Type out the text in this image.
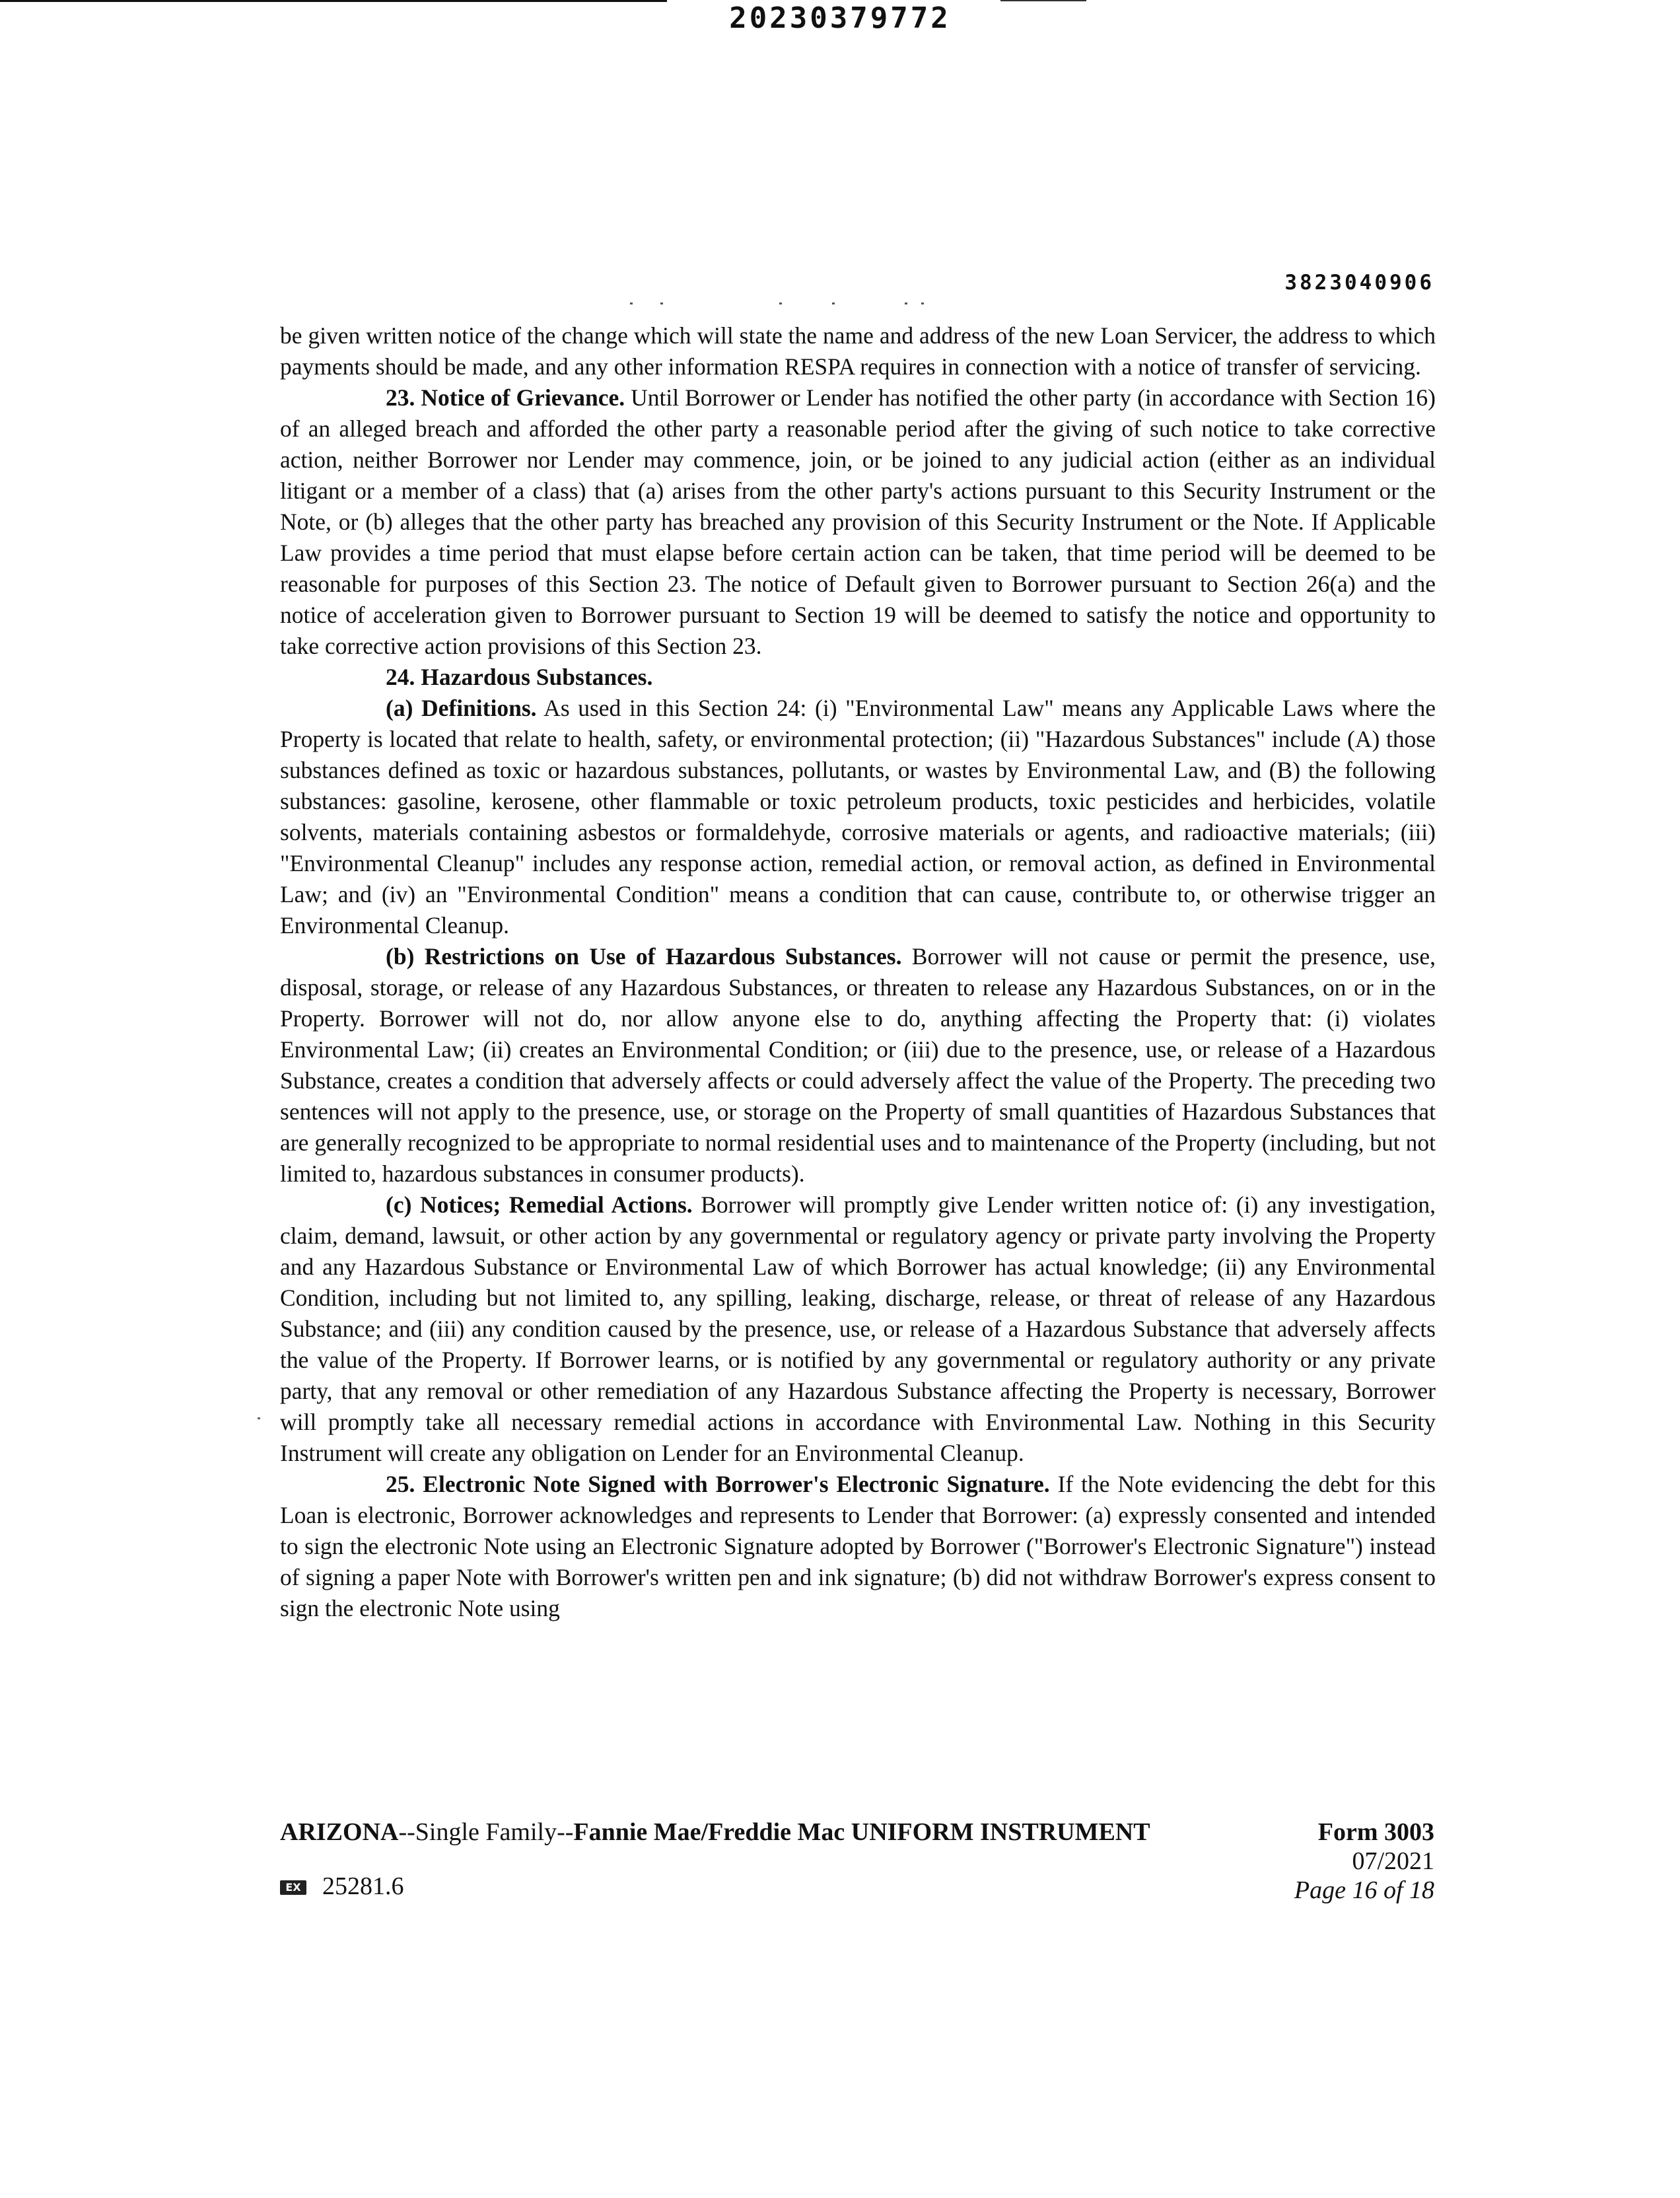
20230379772
3823040906

be given written notice of the change which will state the name and address of the new Loan Servicer, the address to which payments should be made, and any other information RESPA requires in connection with a notice of transfer of servicing.

23. Notice of Grievance. Until Borrower or Lender has notified the other party (in accordance with Section 16) of an alleged breach and afforded the other party a reasonable period after the giving of such notice to take corrective action, neither Borrower nor Lender may commence, join, or be joined to any judicial action (either as an individual litigant or a member of a class) that (a) arises from the other party's actions pursuant to this Security Instrument or the Note, or (b) alleges that the other party has breached any provision of this Security Instrument or the Note. If Applicable Law provides a time period that must elapse before certain action can be taken, that time period will be deemed to be reasonable for purposes of this Section 23. The notice of Default given to Borrower pursuant to Section 26(a) and the notice of acceleration given to Borrower pursuant to Section 19 will be deemed to satisfy the notice and opportunity to take corrective action provisions of this Section 23.

24. Hazardous Substances.

(a) Definitions. As used in this Section 24: (i) "Environmental Law" means any Applicable Laws where the Property is located that relate to health, safety, or environmental protection; (ii) "Hazardous Substances" include (A) those substances defined as toxic or hazardous substances, pollutants, or wastes by Environmental Law, and (B) the following substances: gasoline, kerosene, other flammable or toxic petroleum products, toxic pesticides and herbicides, volatile solvents, materials containing asbestos or formaldehyde, corrosive materials or agents, and radioactive materials; (iii) "Environmental Cleanup" includes any response action, remedial action, or removal action, as defined in Environmental Law; and (iv) an "Environmental Condition" means a condition that can cause, contribute to, or otherwise trigger an Environmental Cleanup.

(b) Restrictions on Use of Hazardous Substances. Borrower will not cause or permit the presence, use, disposal, storage, or release of any Hazardous Substances, or threaten to release any Hazardous Substances, on or in the Property. Borrower will not do, nor allow anyone else to do, anything affecting the Property that: (i) violates Environmental Law; (ii) creates an Environmental Condition; or (iii) due to the presence, use, or release of a Hazardous Substance, creates a condition that adversely affects or could adversely affect the value of the Property. The preceding two sentences will not apply to the presence, use, or storage on the Property of small quantities of Hazardous Substances that are generally recognized to be appropriate to normal residential uses and to maintenance of the Property (including, but not limited to, hazardous substances in consumer products).

(c) Notices; Remedial Actions. Borrower will promptly give Lender written notice of: (i) any investigation, claim, demand, lawsuit, or other action by any governmental or regulatory agency or private party involving the Property and any Hazardous Substance or Environmental Law of which Borrower has actual knowledge; (ii) any Environmental Condition, including but not limited to, any spilling, leaking, discharge, release, or threat of release of any Hazardous Substance; and (iii) any condition caused by the presence, use, or release of a Hazardous Substance that adversely affects the value of the Property. If Borrower learns, or is notified by any governmental or regulatory authority or any private party, that any removal or other remediation of any Hazardous Substance affecting the Property is necessary, Borrower will promptly take all necessary remedial actions in accordance with Environmental Law. Nothing in this Security Instrument will create any obligation on Lender for an Environmental Cleanup.

25. Electronic Note Signed with Borrower's Electronic Signature. If the Note evidencing the debt for this Loan is electronic, Borrower acknowledges and represents to Lender that Borrower: (a) expressly consented and intended to sign the electronic Note using an Electronic Signature adopted by Borrower ("Borrower's Electronic Signature") instead of signing a paper Note with Borrower's written pen and ink signature; (b) did not withdraw Borrower's express consent to sign the electronic Note using

ARIZONA--Single Family--Fannie Mae/Freddie Mac UNIFORM INSTRUMENT	Form 3003
07/2021
Page 16 of 18
EX 25281.6
